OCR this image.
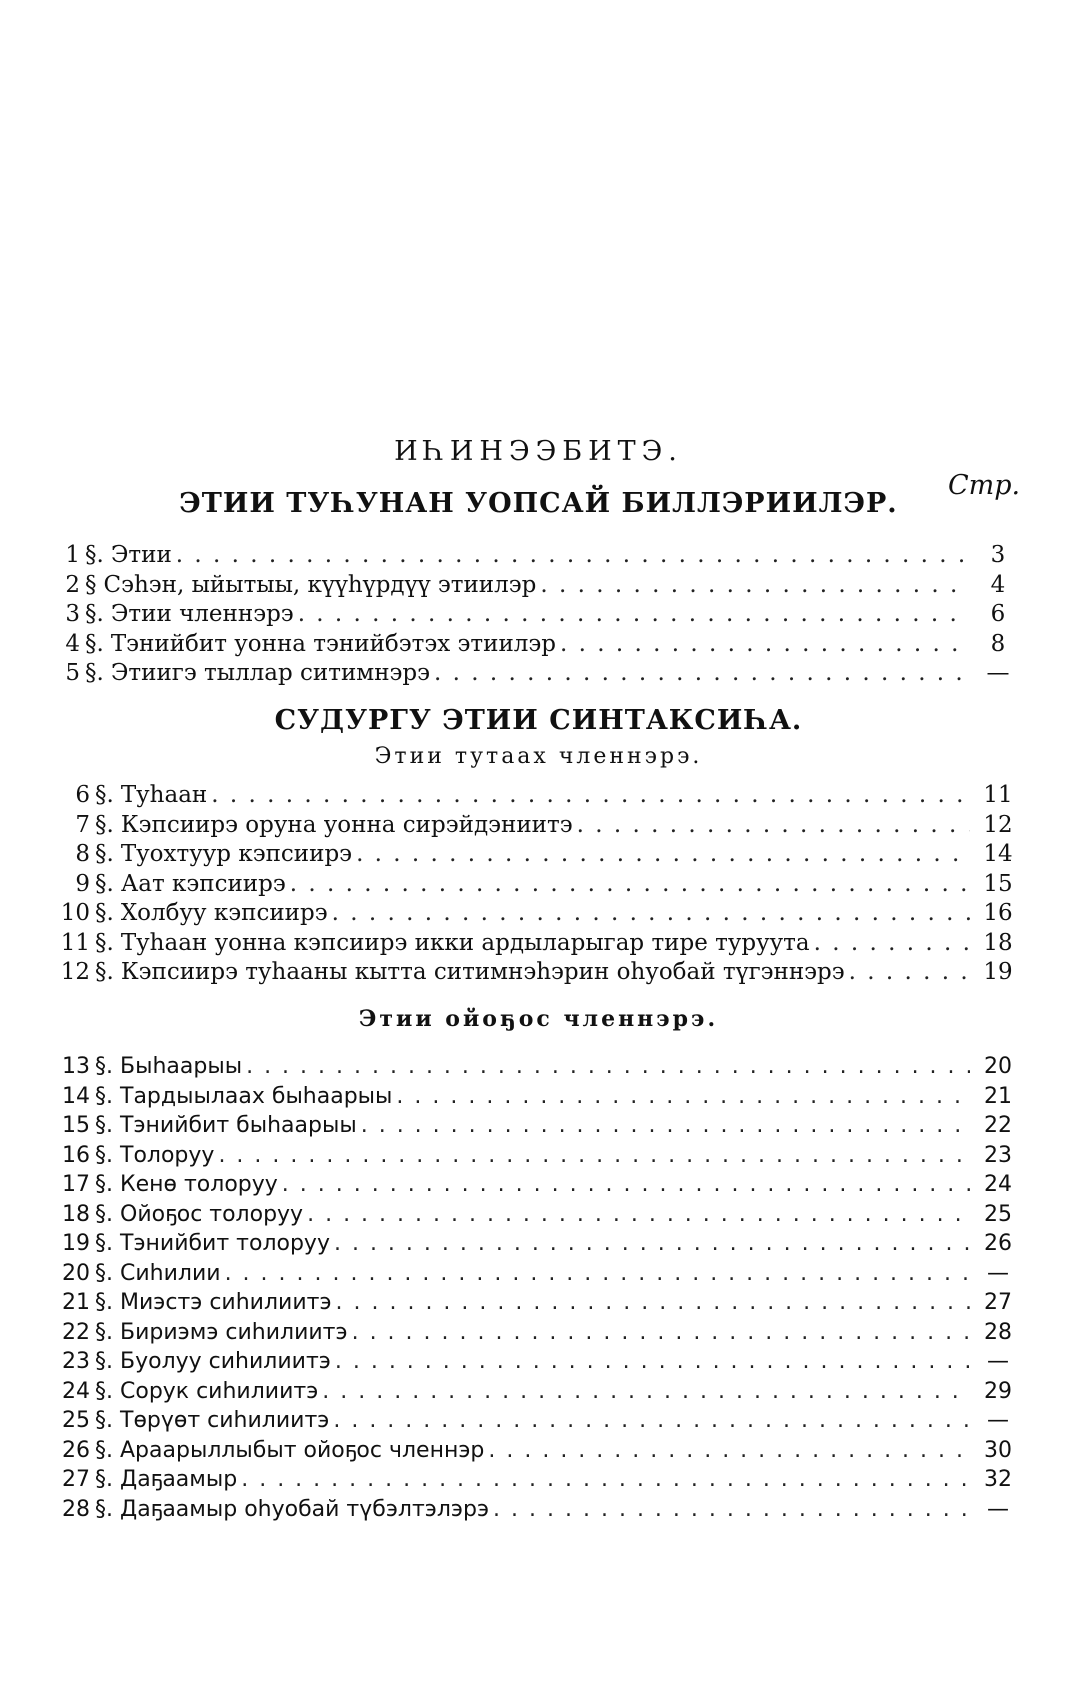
ИҺИНЭЭБИТЭ.
Стр.
ЭТИИ ТУҺУНАН УОПСАЙ БИЛЛЭРИИЛЭР.
1 §. Этии . . .	3
2 § Сэһэн, ыйытыы, күүһүрдүү этиилэр . . .	4
3 §. Этии членнэрэ . . .	6
4 §. Тэнийбит уонна тэнийбэтэх этиилэр . . .	8
5 §. Этиигэ тыллар ситимнэрэ . . .	—
СУДУРГУ ЭТИИ СИНТАКСИҺА.
Этии тутаах членнэрэ.
6 §. Туһаан . . .	11
7 §. Кэпсиирэ оруна уонна сирэйдэниитэ . . .	12
8 §. Туохтуур кэпсиирэ . . .	14
9 §. Аат кэпсиирэ . . .	15
10 §. Холбуу кэпсиирэ . . .	16
11 §. Туһаан уонна кэпсиирэ икки ардыларыгар тире туруута . . .	18
12 §. Кэпсиирэ туһааны кытта ситимнэһэрин оһуобай түгэннэрэ . . .	19
Этии ойоҕос членнэрэ.
13 §. Быһаарыы . . .	20
14 §. Тардыылаах быһаарыы . . .	21
15 §. Тэнийбит быһаарыы . . .	22
16 §. Толоруу . . .	23
17 §. Кенө толоруу . . .	24
18 §. Ойоҕос толоруу . . .	25
19 §. Тэнийбит толоруу . . .	26
20 §. Сиһилии . . .	—
21 §. Миэстэ сиһилиитэ . . .	27
22 §. Бириэмэ сиһилиитэ . . .	28
23 §. Буолуу сиһилиитэ . . .	—
24 §. Сорук сиһилиитэ . . .	29
25 §. Төрүөт сиһилиитэ . . .	—
26 §. Араарыллыбыт ойоҕос членнэр . . .	30
27 §. Даҕаамыр . . .	32
28 §. Даҕаамыр оһуобай түбэлтэлэрэ . . .	—
